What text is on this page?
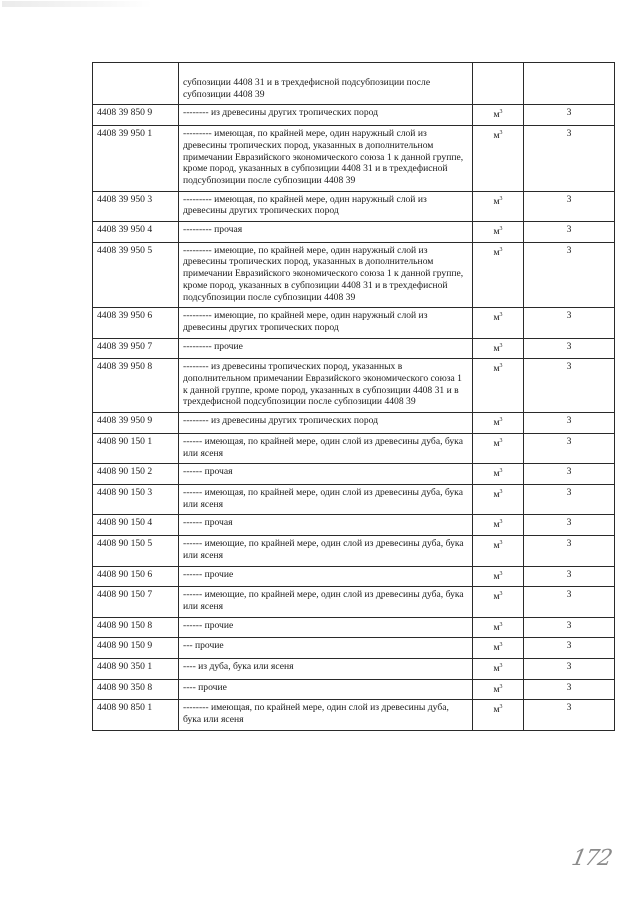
	субпозиции 4408 31 и в трехдефисной подсубпозиции после субпозиции 4408 39		
4408 39 850 9	-------- из древесины других тропических пород	$м^3$	3
4408 39 950 1	--------- имеющая, по крайней мере, один наружный слой из древесины тропических пород, указанных в дополнительном примечании Евразийского экономического союза 1 к данной группе, кроме пород, указанных в субпозиции 4408 31 и в трехдефисной подсубпозиции после субпозиции 4408 39	$м^3$	3
4408 39 950 3	--------- имеющая, по крайней мере, один наружный слой из древесины других тропических пород	$м^3$	3
4408 39 950 4	--------- прочая	$м^3$	3
4408 39 950 5	--------- имеющие, по крайней мере, один наружный слой из древесины тропических пород, указанных в дополнительном примечании Евразийского экономического союза 1 к данной группе, кроме пород, указанных в субпозиции 4408 31 и в трехдефисной подсубпозиции после субпозиции 4408 39	$м^3$	3
4408 39 950 6	--------- имеющие, по крайней мере, один наружный слой из древесины других тропических пород	$м^3$	3
4408 39 950 7	--------- прочие	$м^3$	3
4408 39 950 8	-------- из древесины тропических пород, указанных в дополнительном примечании Евразийского экономического союза 1 к данной группе, кроме пород, указанных в субпозиции 4408 31 и в трехдефисной подсубпозиции после субпозиции 4408 39	$м^3$	3
4408 39 950 9	-------- из древесины других тропических пород	$м^3$	3
4408 90 150 1	------ имеющая, по крайней мере, один слой из древесины дуба, бука или ясеня	$м^3$	3
4408 90 150 2	------ прочая	$м^3$	3
4408 90 150 3	------ имеющая, по крайней мере, один слой из древесины дуба, бука или ясеня	$м^3$	3
4408 90 150 4	------ прочая	$м^3$	3
4408 90 150 5	------ имеющие, по крайней мере, один слой из древесины дуба, бука или ясеня	$м^3$	3
4408 90 150 6	------ прочие	$м^3$	3
4408 90 150 7	------ имеющие, по крайней мере, один слой из древесины дуба, бука или ясеня	$м^3$	3
4408 90 150 8	------ прочие	$м^3$	3
4408 90 150 9	--- прочие	$м^3$	3
4408 90 350 1	---- из дуба, бука или ясеня	$м^3$	3
4408 90 350 8	---- прочие	$м^3$	3
4408 90 850 1	-------- имеющая, по крайней мере, один слой из древесины дуба, бука или ясеня	$м^3$	3
172
